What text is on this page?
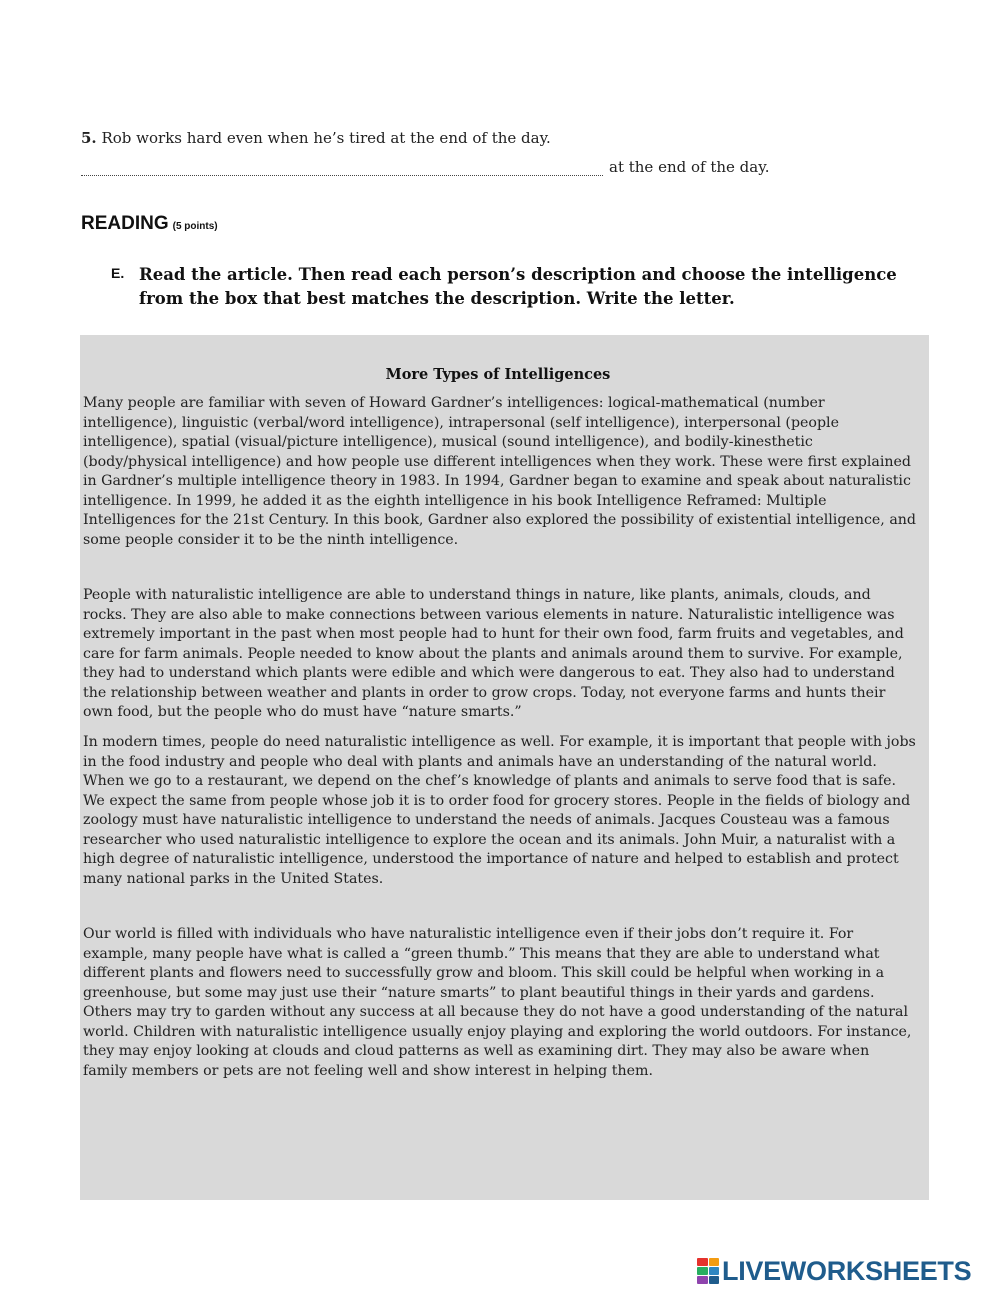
5. Rob works hard even when he’s tired at the end of the day.
at the end of the day.
READING (5 points)
E. Read the article. Then read each person’s description and choose the intelligence from the box that best matches the description. Write the letter.
More Types of Intelligences

Many people are familiar with seven of Howard Gardner’s intelligences: logical-mathematical (number intelligence), linguistic (verbal/word intelligence), intrapersonal (self intelligence), interpersonal (people intelligence), spatial (visual/picture intelligence), musical (sound intelligence), and bodily-kinesthetic (body/physical intelligence) and how people use different intelligences when they work. These were first explained in Gardner’s multiple intelligence theory in 1983. In 1994, Gardner began to examine and speak about naturalistic intelligence. In 1999, he added it as the eighth intelligence in his book Intelligence Reframed: Multiple Intelligences for the 21st Century. In this book, Gardner also explored the possibility of existential intelligence, and some people consider it to be the ninth intelligence.

People with naturalistic intelligence are able to understand things in nature, like plants, animals, clouds, and rocks. They are also able to make connections between various elements in nature. Naturalistic intelligence was extremely important in the past when most people had to hunt for their own food, farm fruits and vegetables, and care for farm animals. People needed to know about the plants and animals around them to survive. For example, they had to understand which plants were edible and which were dangerous to eat. They also had to understand the relationship between weather and plants in order to grow crops. Today, not everyone farms and hunts their own food, but the people who do must have “nature smarts.”

In modern times, people do need naturalistic intelligence as well. For example, it is important that people with jobs in the food industry and people who deal with plants and animals have an understanding of the natural world. When we go to a restaurant, we depend on the chef’s knowledge of plants and animals to serve food that is safe. We expect the same from people whose job it is to order food for grocery stores. People in the fields of biology and zoology must have naturalistic intelligence to understand the needs of animals. Jacques Cousteau was a famous researcher who used naturalistic intelligence to explore the ocean and its animals. John Muir, a naturalist with a high degree of naturalistic intelligence, understood the importance of nature and helped to establish and protect many national parks in the United States.

Our world is filled with individuals who have naturalistic intelligence even if their jobs don’t require it. For example, many people have what is called a “green thumb.” This means that they are able to understand what different plants and flowers need to successfully grow and bloom. This skill could be helpful when working in a greenhouse, but some may just use their “nature smarts” to plant beautiful things in their yards and gardens. Others may try to garden without any success at all because they do not have a good understanding of the natural world. Children with naturalistic intelligence usually enjoy playing and exploring the world outdoors. For instance, they may enjoy looking at clouds and cloud patterns as well as examining dirt. They may also be aware when family members or pets are not feeling well and show interest in helping them.

LIVEWORKSHEETS
